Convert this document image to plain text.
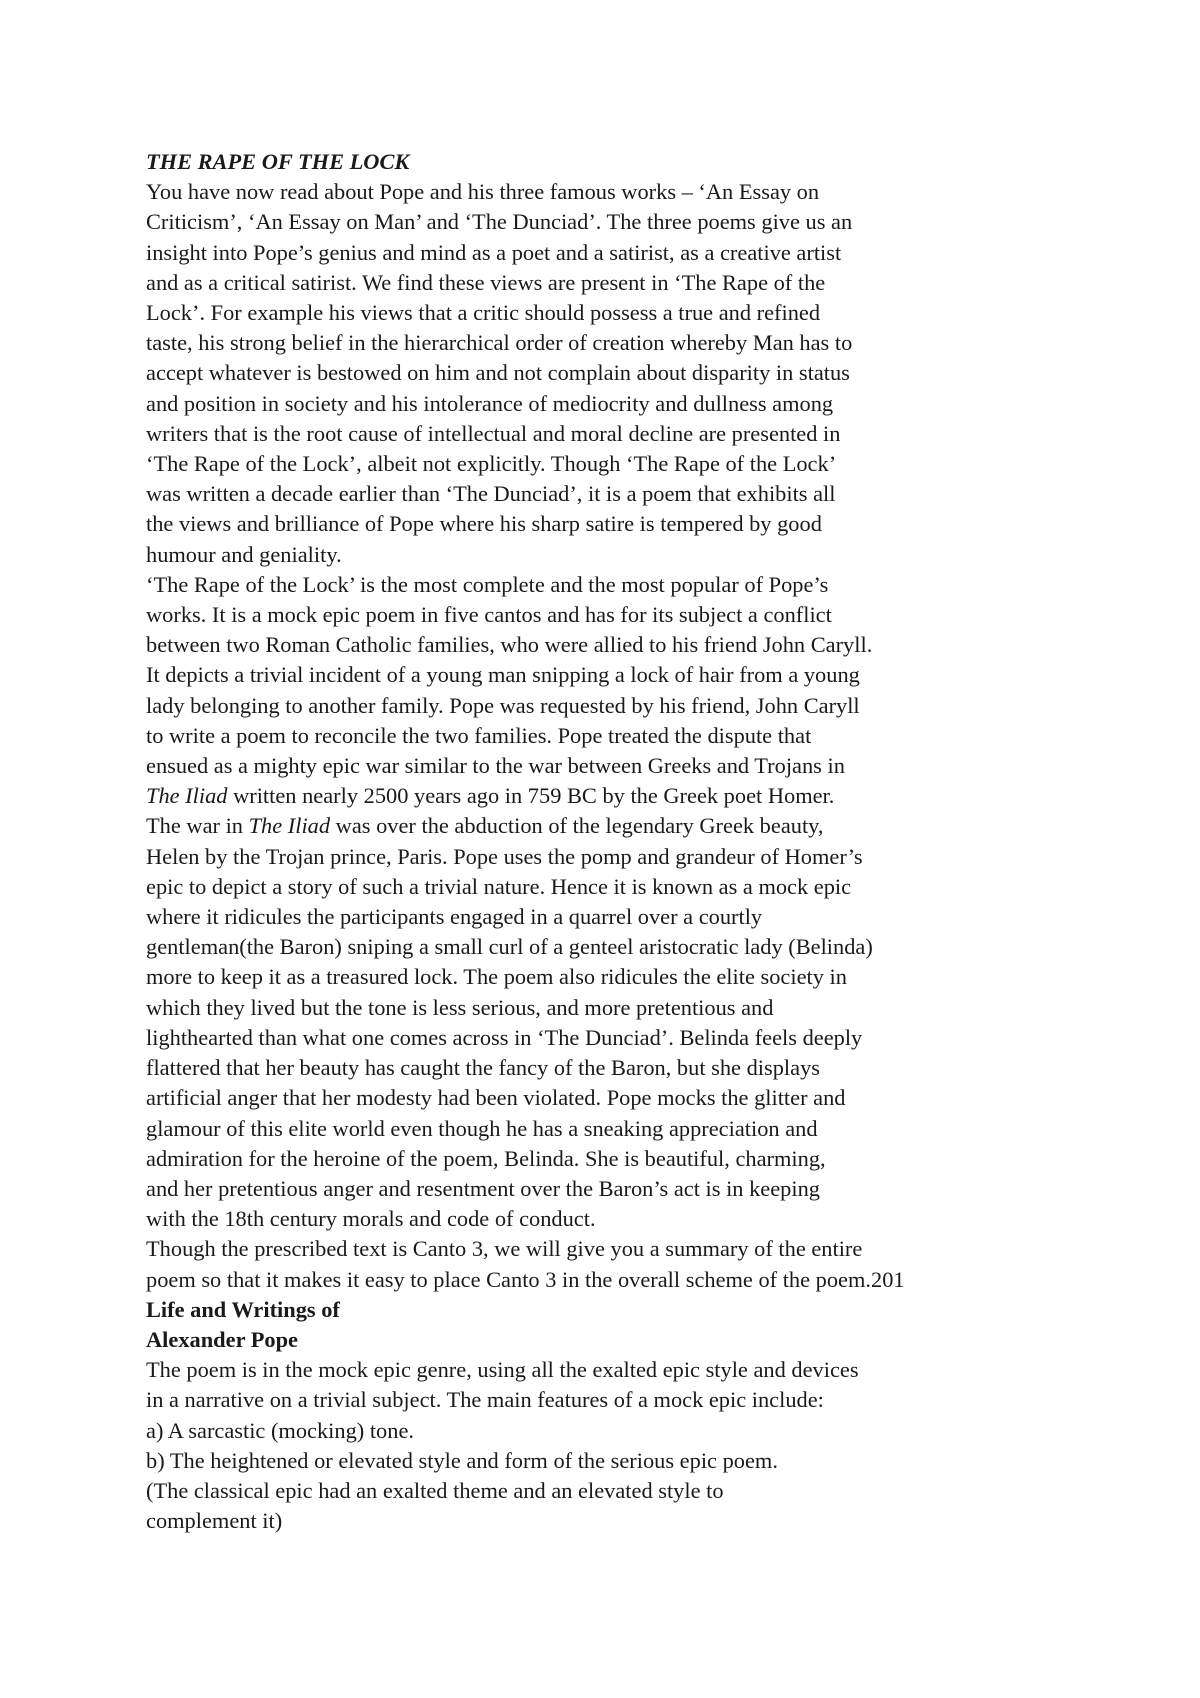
THE RAPE OF THE LOCK
You have now read about Pope and his three famous works – ‘An Essay on
Criticism’, ‘An Essay on Man’ and ‘The Dunciad’. The three poems give us an
insight into Pope’s genius and mind as a poet and a satirist, as a creative artist
and as a critical satirist. We find these views are present in ‘The Rape of the
Lock’. For example his views that a critic should possess a true and refined
taste, his strong belief in the hierarchical order of creation whereby Man has to
accept whatever is bestowed on him and not complain about disparity in status
and position in society and his intolerance of mediocrity and dullness among
writers that is the root cause of intellectual and moral decline are presented in
‘The Rape of the Lock’, albeit not explicitly. Though ‘The Rape of the Lock’
was written a decade earlier than ‘The Dunciad’, it is a poem that exhibits all
the views and brilliance of Pope where his sharp satire is tempered by good
humour and geniality.
‘The Rape of the Lock’ is the most complete and the most popular of Pope’s
works. It is a mock epic poem in five cantos and has for its subject a conflict
between two Roman Catholic families, who were allied to his friend John Caryll.
It depicts a trivial incident of a young man snipping a lock of hair from a young
lady belonging to another family. Pope was requested by his friend, John Caryll
to write a poem to reconcile the two families. Pope treated the dispute that
ensued as a mighty epic war similar to the war between Greeks and Trojans in
The Iliad written nearly 2500 years ago in 759 BC by the Greek poet Homer.
The war in The Iliad was over the abduction of the legendary Greek beauty,
Helen by the Trojan prince, Paris. Pope uses the pomp and grandeur of Homer’s
epic to depict a story of such a trivial nature. Hence it is known as a mock epic
where it ridicules the participants engaged in a quarrel over a courtly
gentleman(the Baron) sniping a small curl of a genteel aristocratic lady (Belinda)
more to keep it as a treasured lock. The poem also ridicules the elite society in
which they lived but the tone is less serious, and more pretentious and
lighthearted than what one comes across in ‘The Dunciad’. Belinda feels deeply
flattered that her beauty has caught the fancy of the Baron, but she displays
artificial anger that her modesty had been violated. Pope mocks the glitter and
glamour of this elite world even though he has a sneaking appreciation and
admiration for the heroine of the poem, Belinda. She is beautiful, charming,
and her pretentious anger and resentment over the Baron’s act is in keeping
with the 18th century morals and code of conduct.
Though the prescribed text is Canto 3, we will give you a summary of the entire
poem so that it makes it easy to place Canto 3 in the overall scheme of the poem.201
Life and Writings of
Alexander Pope
The poem is in the mock epic genre, using all the exalted epic style and devices
in a narrative on a trivial subject. The main features of a mock epic include:
a) A sarcastic (mocking) tone.
b) The heightened or elevated style and form of the serious epic poem.
(The classical epic had an exalted theme and an elevated style to
complement it)
